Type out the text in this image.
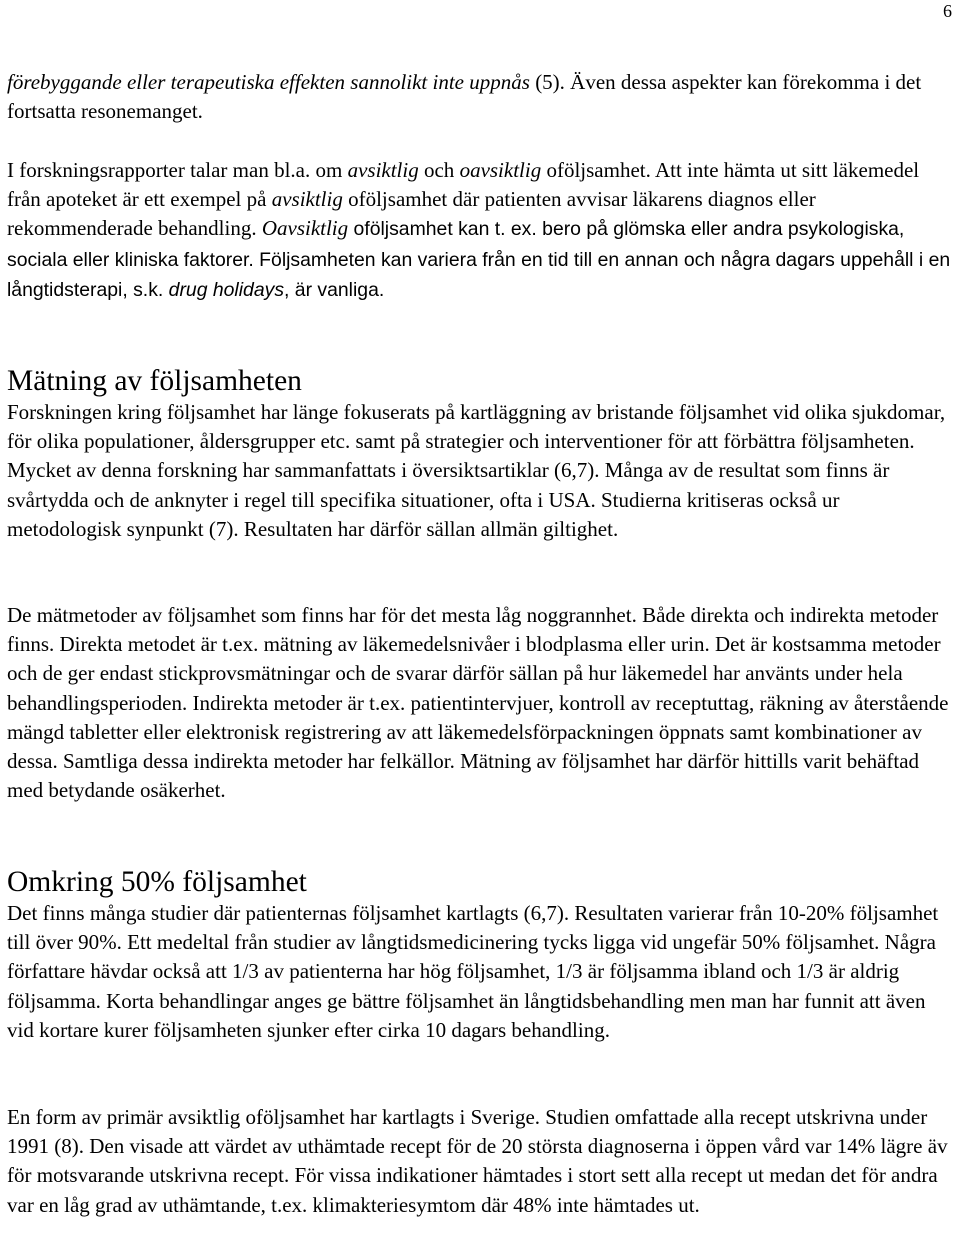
6

förebyggande eller terapeutiska effekten sannolikt inte uppnås (5). Även dessa aspekter kan förekomma i det fortsatta resonemanget.

I forskningsrapporter talar man bl.a. om avsiktlig och oavsiktlig oföljsamhet. Att inte hämta ut sitt läkemedel från apoteket är ett exempel på avsiktlig oföljsamhet där patienten avvisar läkarens diagnos eller rekommenderade behandling. Oavsiktlig oföljsamhet kan t. ex. bero på glömska eller andra psykologiska, sociala eller kliniska faktorer. Följsamheten kan variera från en tid till en annan och några dagars uppehåll i en långtidsterapi, s.k. drug holidays, är vanliga.

Mätning av följsamheten

Forskningen kring följsamhet har länge fokuserats på kartläggning av bristande följsamhet vid olika sjukdomar, för olika populationer, åldersgrupper etc. samt på strategier och interventioner för att förbättra följsamheten. Mycket av denna forskning har sammanfattats i översiktsartiklar (6,7). Många av de resultat som finns är svårtydda och de anknyter i regel till specifika situationer, ofta i USA. Studierna kritiseras också ur metodologisk synpunkt (7). Resultaten har därför sällan allmän giltighet.

De mätmetoder av följsamhet som finns har för det mesta låg noggrannhet. Både direkta och indirekta metoder finns. Direkta metodet är t.ex. mätning av läkemedelsnivåer i blodplasma eller urin. Det är kostsamma metoder och de ger endast stickprovsmätningar och de svarar därför sällan på hur läkemedel har använts under hela behandlingsperioden. Indirekta metoder är t.ex. patientintervjuer, kontroll av receptuttag, räkning av återstående mängd tabletter eller elektronisk registrering av att läkemedelsförpackningen öppnats samt kombinationer av dessa. Samtliga dessa indirekta metoder har felkällor. Mätning av följsamhet har därför hittills varit behäftad med betydande osäkerhet.

Omkring 50% följsamhet

Det finns många studier där patienternas följsamhet kartlagts (6,7). Resultaten varierar från 10-20% följsamhet till över 90%. Ett medeltal från studier av långtidsmedicinering tycks ligga vid ungefär 50% följsamhet. Några författare hävdar också att 1/3 av patienterna har hög följsamhet, 1/3 är följsamma ibland och 1/3 är aldrig följsamma. Korta behandlingar anges ge bättre följsamhet än långtidsbehandling men man har funnit att även vid kortare kurer följsamheten sjunker efter cirka 10 dagars behandling.

En form av primär avsiktlig oföljsamhet har kartlagts i Sverige. Studien omfattade alla recept utskrivna under 1991 (8). Den visade att värdet av uthämtade recept för de 20 största diagnoserna i öppen vård var 14% lägre äv för motsvarande utskrivna recept. För vissa indikationer hämtades i stort sett alla recept ut medan det för andra var en låg grad av uthämtande, t.ex. klimakteriesymtom där 48% inte hämtades ut.
